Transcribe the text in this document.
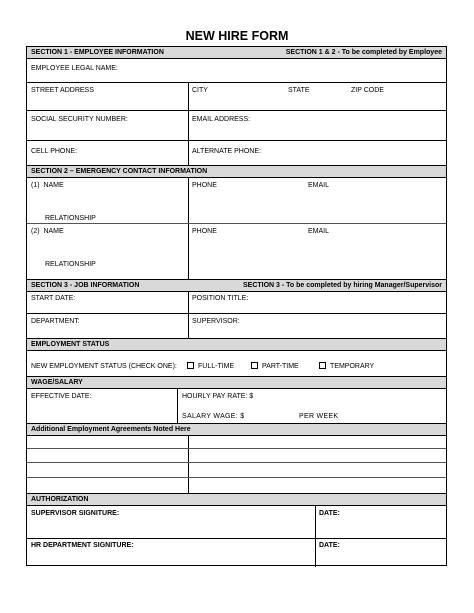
NEW HIRE FORM
SECTION 1 - EMPLOYEE INFORMATION	SECTION 1 & 2 - To be completed by Employee
EMPLOYEE LEGAL NAME:
STREET ADDRESS	CITY	STATE	ZIP CODE
SOCIAL SECURITY NUMBER:	EMAIL ADDRESS:
CELL PHONE:	ALTERNATE PHONE:
SECTION 2 – EMERGENCY CONTACT INFORMATION
(1) NAME	PHONE	EMAIL
RELATIONSHIP
(2) NAME	PHONE	EMAIL
RELATIONSHIP
SECTION 3 - JOB INFORMATION	SECTION 3 - To be completed by hiring Manager/Supervisor
START DATE:	POSITION TITLE:
DEPARTMENT:	SUPERVISOR:
EMPLOYMENT STATUS
NEW EMPLOYMENT STATUS (CHECK ONE):	FULL-TIME	PART-TIME	TEMPORARY
WAGE/SALARY
EFFECTIVE DATE:	HOURLY PAY RATE: $
SALARY WAGE: $	PER WEEK
Additional Employment Agreements Noted Here
AUTHORIZATION
SUPERVISOR SIGNITURE:	DATE:
HR DEPARTMENT SIGNITURE:	DATE:
